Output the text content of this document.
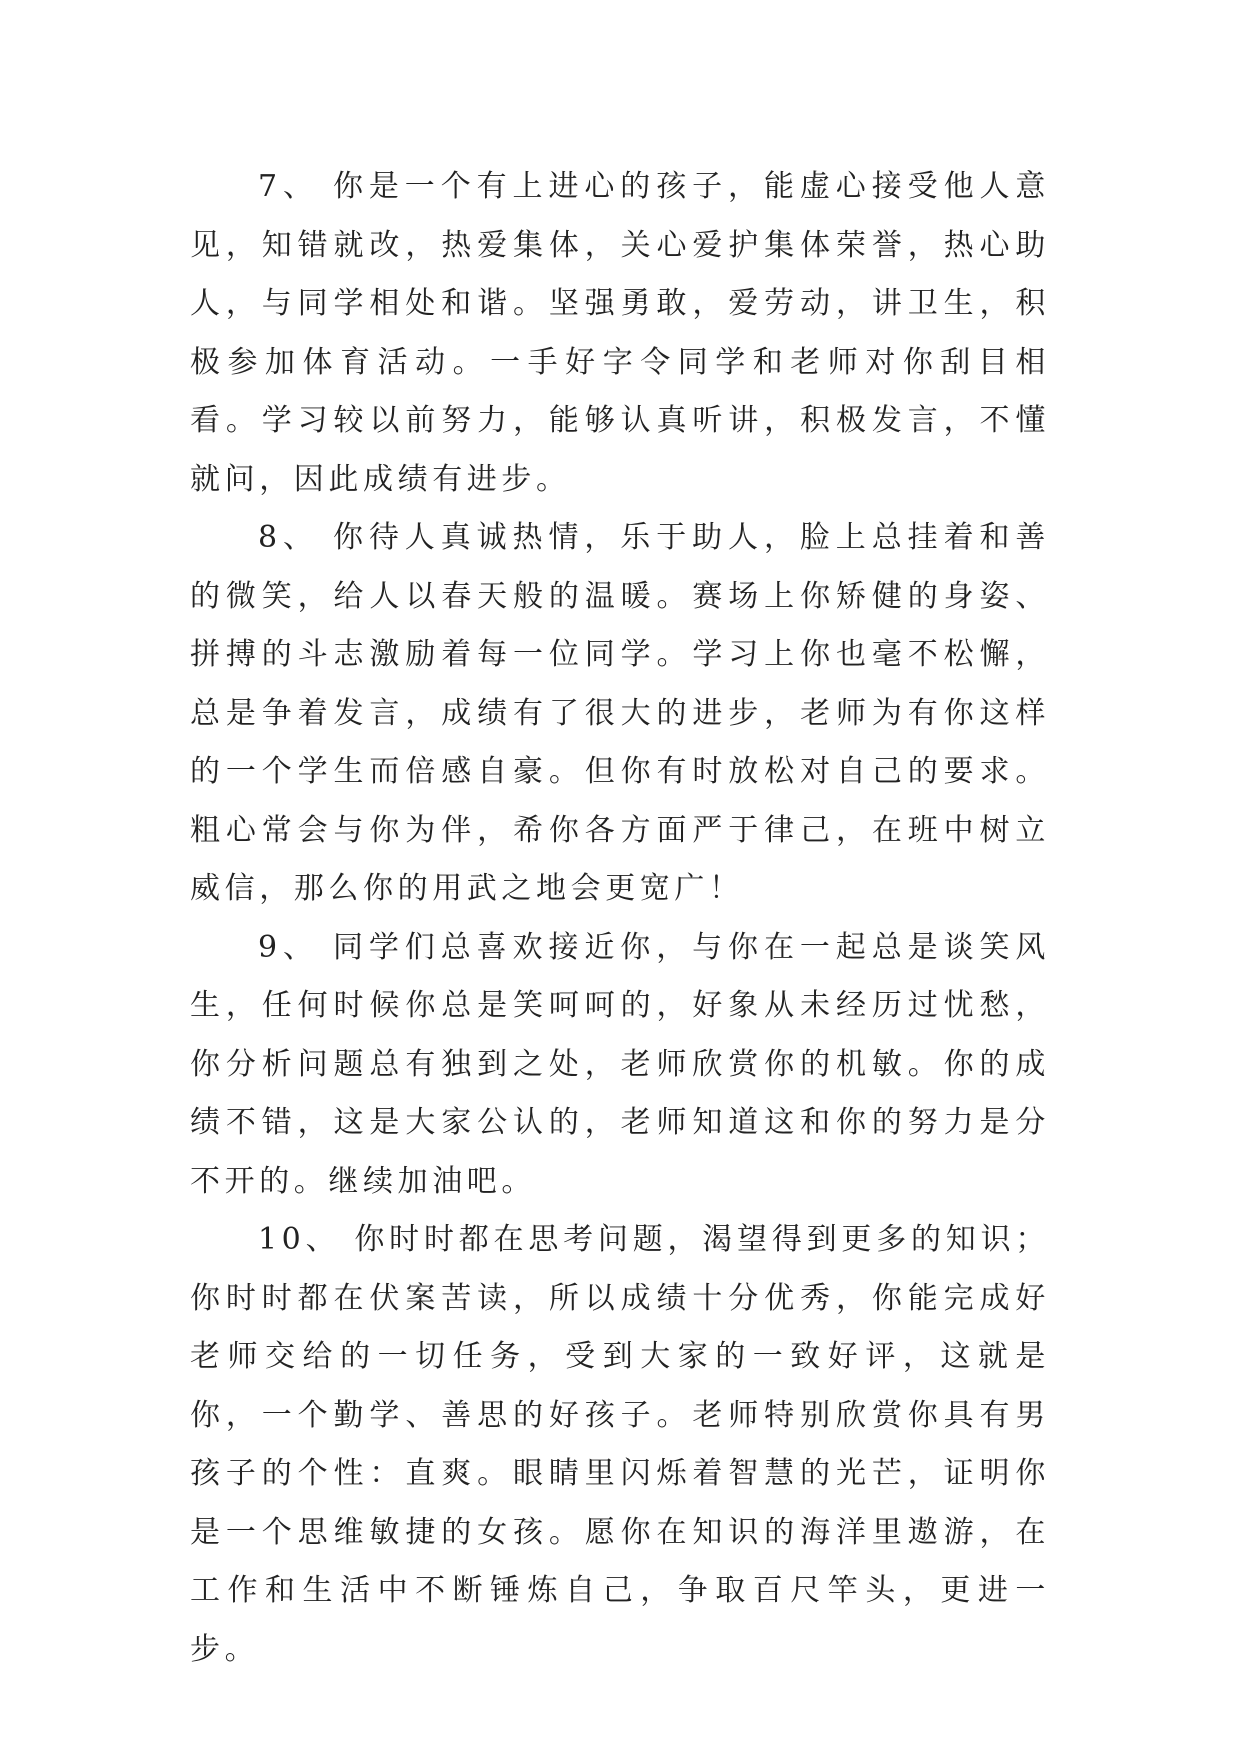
7、 你是一个有上进心的孩子，能虚心接受他人意见，知错就改，热爱集体，关心爱护集体荣誉，热心助人，与同学相处和谐。坚强勇敢，爱劳动，讲卫生，积极参加体育活动。一手好字令同学和老师对你刮目相看。学习较以前努力，能够认真听讲，积极发言，不懂就问，因此成绩有进步。

8、 你待人真诚热情，乐于助人，脸上总挂着和善的微笑，给人以春天般的温暖。赛场上你矫健的身姿、拼搏的斗志激励着每一位同学。学习上你也毫不松懈，总是争着发言，成绩有了很大的进步，老师为有你这样的一个学生而倍感自豪。但你有时放松对自己的要求。粗心常会与你为伴，希你各方面严于律己，在班中树立威信，那么你的用武之地会更宽广！

9、 同学们总喜欢接近你，与你在一起总是谈笑风生，任何时候你总是笑呵呵的，好象从未经历过忧愁，你分析问题总有独到之处，老师欣赏你的机敏。你的成绩不错，这是大家公认的，老师知道这和你的努力是分不开的。继续加油吧。

10、 你时时都在思考问题，渴望得到更多的知识；你时时都在伏案苦读，所以成绩十分优秀，你能完成好老师交给的一切任务，受到大家的一致好评，这就是你，一个勤学、善思的好孩子。老师特别欣赏你具有男孩子的个性：直爽。眼睛里闪烁着智慧的光芒，证明你是一个思维敏捷的女孩。愿你在知识的海洋里遨游，在工作和生活中不断锤炼自己，争取百尺竿头，更进一步。
